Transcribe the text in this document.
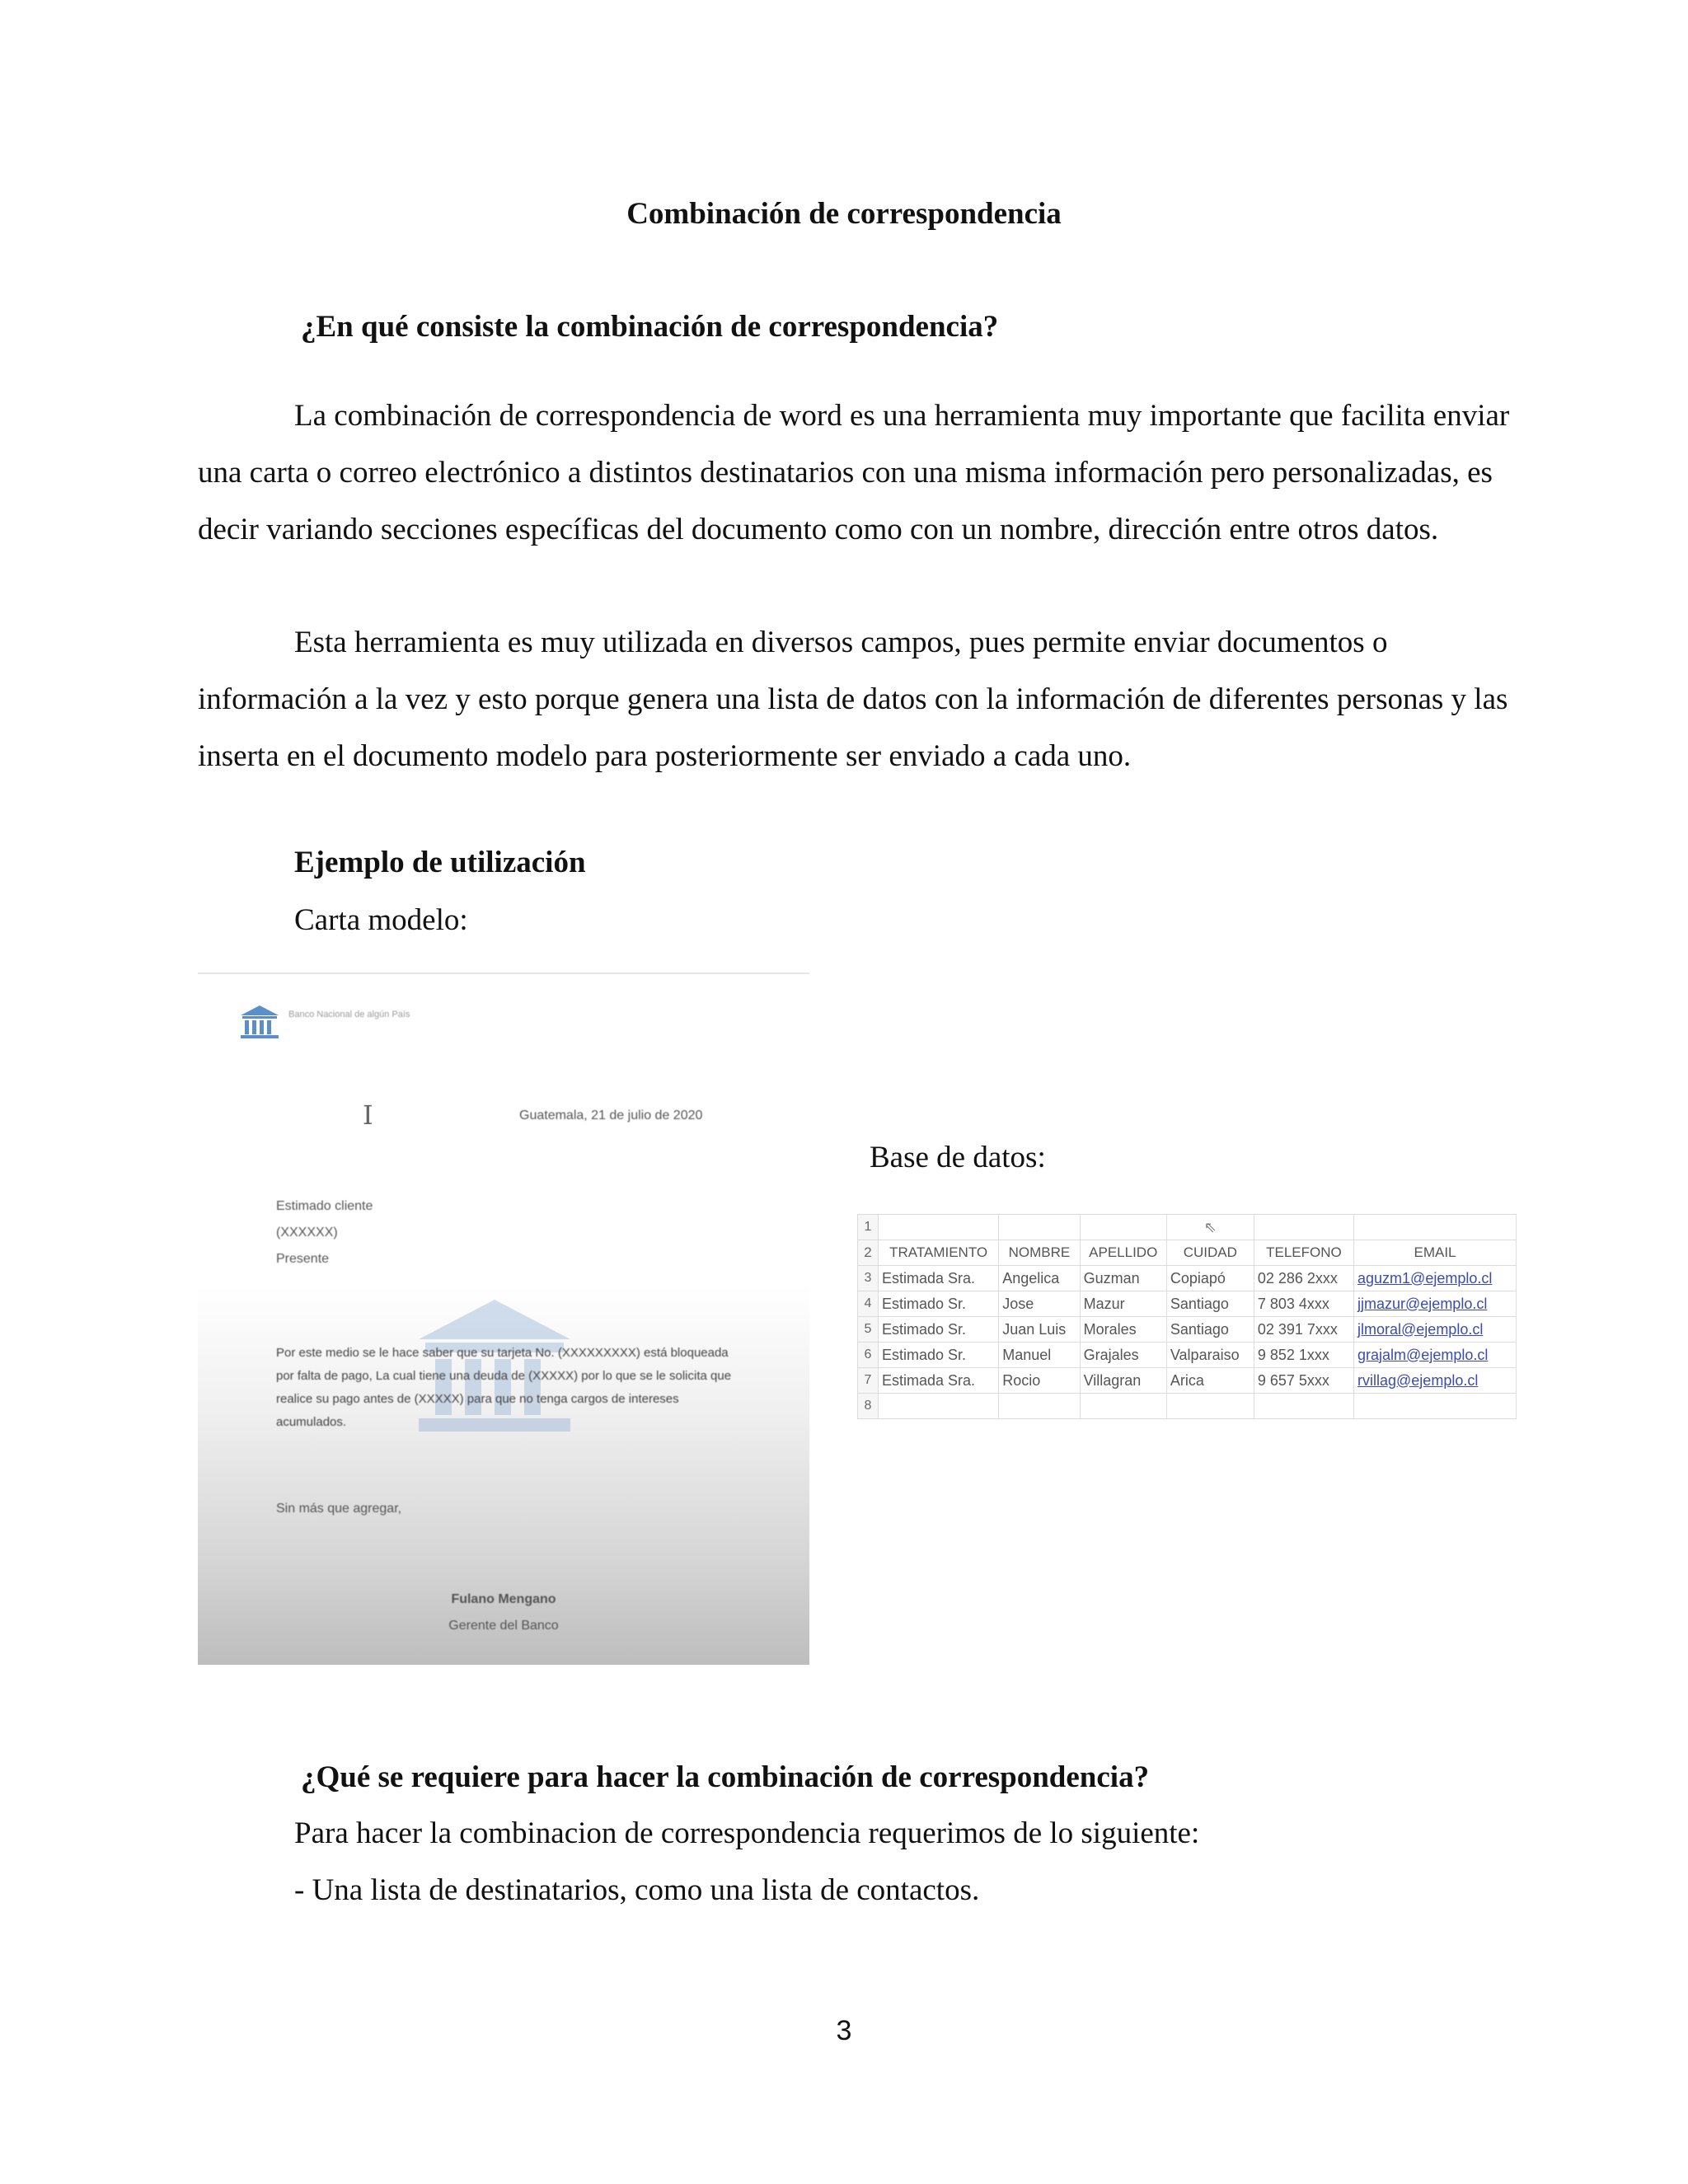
Combinación de correspondencia
¿En qué consiste la combinación de correspondencia?
La combinación de correspondencia de word es una herramienta muy importante que facilita enviar una carta o correo electrónico a distintos destinatarios con una misma información pero personalizadas, es decir variando secciones específicas del documento como con un nombre, dirección entre otros datos.
Esta herramienta es muy utilizada en diversos campos, pues permite enviar documentos o información a la vez y esto porque genera una lista de datos con la información de diferentes personas y las inserta en el documento modelo para posteriormente ser enviado a cada uno.
Ejemplo de utilización
Carta modelo:
Banco Nacional de algún País
I	Guatemala, 21 de julio de 2020
Estimado cliente
(XXXXXX)
Presente
Por este medio se le hace saber que su tarjeta No. (XXXXXXXXX) está bloqueada por falta de pago, La cual tiene una deuda de (XXXXX) por lo que se le solicita que realice su pago antes de (XXXXX) para que no tenga cargos de intereses acumulados.
Sin más que agregar,
Fulano Mengano
Gerente del Banco
Base de datos:
1				⇖		
2	TRATAMIENTO	NOMBRE	APELLIDO	CUIDAD	TELEFONO	EMAIL
3	Estimada Sra.	Angelica	Guzman	Copiapó	02 286 2xxx	aguzm1@ejemplo.cl
4	Estimado Sr.	Jose	Mazur	Santiago	7 803 4xxx	jjmazur@ejemplo.cl
5	Estimado Sr.	Juan Luis	Morales	Santiago	02 391 7xxx	jlmoral@ejemplo.cl
6	Estimado Sr.	Manuel	Grajales	Valparaiso	9 852 1xxx	grajalm@ejemplo.cl
7	Estimada Sra.	Rocio	Villagran	Arica	9 657 5xxx	rvillag@ejemplo.cl
8						
¿Qué se requiere para hacer la combinación de correspondencia?
Para hacer la combinacion de correspondencia requerimos de lo siguiente:
- Una lista de destinatarios, como una lista de contactos.
3
